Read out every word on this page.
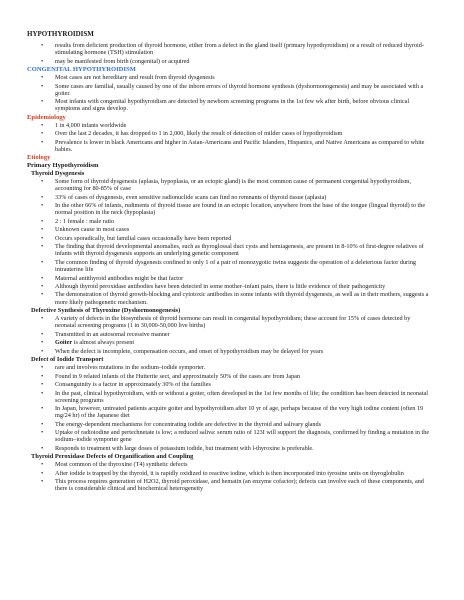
HYPOTHYROIDISM
• results from deficient production of thyroid hormone, either from a defect in the gland itself (primary hypothyroidism) or a result of reduced thyroid-stimulating hormone (TSH) stimulation
• may be manifested from birth (congenital) or acquired
CONGENITAL HYPOTHYROIDISM
• Most cases are not hereditary and result from thyroid dysgenesis
• Some cases are familial, usually caused by one of the inborn errors of thyroid hormone synthesis (dyshormonogenesis) and may be associated with a goiter.
• Most infants with congenital hypothyroidism are detected by newborn screening programs in the 1st few wk after birth, before obvious clinical symptoms and signs develop.
Epidemiology
• 1 in 4,000 infants worldwide
• Over the last 2 decades, it has dropped to 1 in 2,000, likely the result of detection of milder cases of hypothyroidism
• Prevalence is lower in black Americans and higher in Asian-Americans and Pacific Islanders, Hispanics, and Native Americans as compared to white babies.
Etiology
Primary Hypothyroidism
Thyroid Dysgenesis
• Some form of thyroid dysgenesis (aplasia, hypoplasia, or an ectopic gland) is the most common cause of permanent congenital hypothyroidism, accounting for 80-85% of case
• 33% of cases of dysgenesis, even sensitive radionuclide scans can find no remnants of thyroid tissue (aplasia)
• In the other 66% of infants, rudiments of thyroid tissue are found in an ectopic location, anywhere from the base of the tongue (lingual thyroid) to the normal position in the neck (hypoplasia)
• 2 : 1 female : male ratio
• Unknown cause in most cases
• Occurs sporadically, but familial cases occasionally have been reported
• The finding that thyroid developmental anomalies, such as thyroglossal duct cysts and hemiagenesis, are present in 8-10% of first-degree relatives of infants with thyroid dysgenesis supports an underlying genetic component
• The common finding of thyroid dysgenesis confined to only 1 of a pair of monozygotic twins suggests the operation of a deleterious factor during intrauterine life
• Maternal antithyroid antibodies might be that factor
• Although thyroid peroxidase antibodies have been detected in some mother–infant pairs, there is little evidence of their pathogenicity
• The demonstration of thyroid growth-blocking and cytotoxic antibodies in some infants with thyroid dysgenesis, as well as in their mothers, suggests a more likely pathogenetic mechanism.
Defective Synthesis of Thyroxine (Dyshormonogenesis)
• A variety of defects in the biosynthesis of thyroid hormone can result in congenital hypothyroidism; these account for 15% of cases detected by neonatal screening programs (1 in 30,000-50,000 live births)
• Transmitted in an autosomal recessive manner
• Goiter is almost always present
• When the defect is incomplete, compensation occurs, and onset of hypothyroidism may be delayed for years
Defect of Iodide Transport
• rare and involves mutations in the sodium–iodide symporter.
• Found in 9 related infants of the Hutterite sect, and approximately 50% of the cases are from Japan
• Consanguinity is a factor in approximately 30% of the families
• In the past, clinical hypothyroidism, with or without a goiter, often developed in the 1st few months of life; the condition has been detected in neonatal screening programs
• In Japan, however, untreated patients acquire goiter and hypothyroidism after 10 yr of age, perhaps because of the very high iodine content (often 19 mg/24 hr) of the Japanese diet
• The energy-dependent mechanisms for concentrating iodide are defective in the thyroid and salivary glands
• Uptake of radioiodine and pertechnetate is low; a reduced saliva: serum ratio of 123I will support the diagnosis, confirmed by finding a mutation in the sodium–iodide symporter gene
• Responds to treatment with large doses of potassium iodide, but treatment with l-thyroxine is preferable.
Thyroid Peroxidase Defects of Organification and Coupling
• Most common of the thyroxine (T4) synthetic defects
• After iodide is trapped by the thyroid, it is rapidly oxidized to reactive iodine, which is then incorporated into tyrosine units on thyroglobulin
• This process requires generation of H2O2, thyroid peroxidase, and hematin (an enzyme cofactor); defects can involve each of these components, and there is considerable clinical and biochemical heterogeneity
